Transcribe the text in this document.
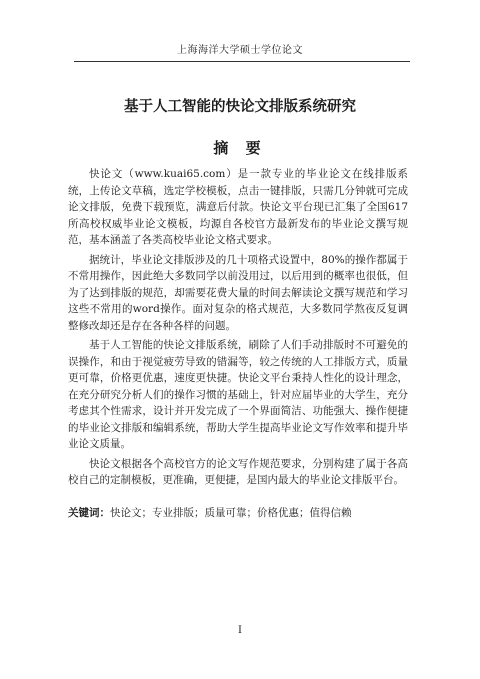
上海海洋大学硕士学位论文
基于人工智能的快论文排版系统研究
摘 要

快论文（www.kuai65.com）是一款专业的毕业论文在线排版系统，上传论文草稿，选定学校模板，点击一键排版，只需几分钟就可完成论文排版，免费下载预览，满意后付款。快论文平台现已汇集了全国617所高校权威毕业论文模板，均源自各校官方最新发布的毕业论文撰写规范，基本涵盖了各类高校毕业论文格式要求。

据统计，毕业论文排版涉及的几十项格式设置中，80%的操作都属于不常用操作，因此绝大多数同学以前没用过，以后用到的概率也很低，但为了达到排版的规范，却需要花费大量的时间去解读论文撰写规范和学习这些不常用的word操作。面对复杂的格式规范，大多数同学熬夜反复调整修改却还是存在各种各样的问题。

基于人工智能的快论文排版系统，刷除了人们手动排版时不可避免的误操作，和由于视觉疲劳导致的错漏等，较之传统的人工排版方式，质量更可靠，价格更优惠，速度更快捷。快论文平台秉持人性化的设计理念，在充分研究分析人们的操作习惯的基础上，针对应届毕业的大学生，充分考虑其个性需求，设计并开发完成了一个界面简洁、功能强大、操作便捷的毕业论文排版和编辑系统，帮助大学生提高毕业论文写作效率和提升毕业论文质量。

快论文根据各个高校官方的论文写作规范要求，分别构建了属于各高校自己的定制模板，更准确，更便捷，是国内最大的毕业论文排版平台。

关键词：快论文；专业排版；质量可靠；价格优惠；值得信赖
I
